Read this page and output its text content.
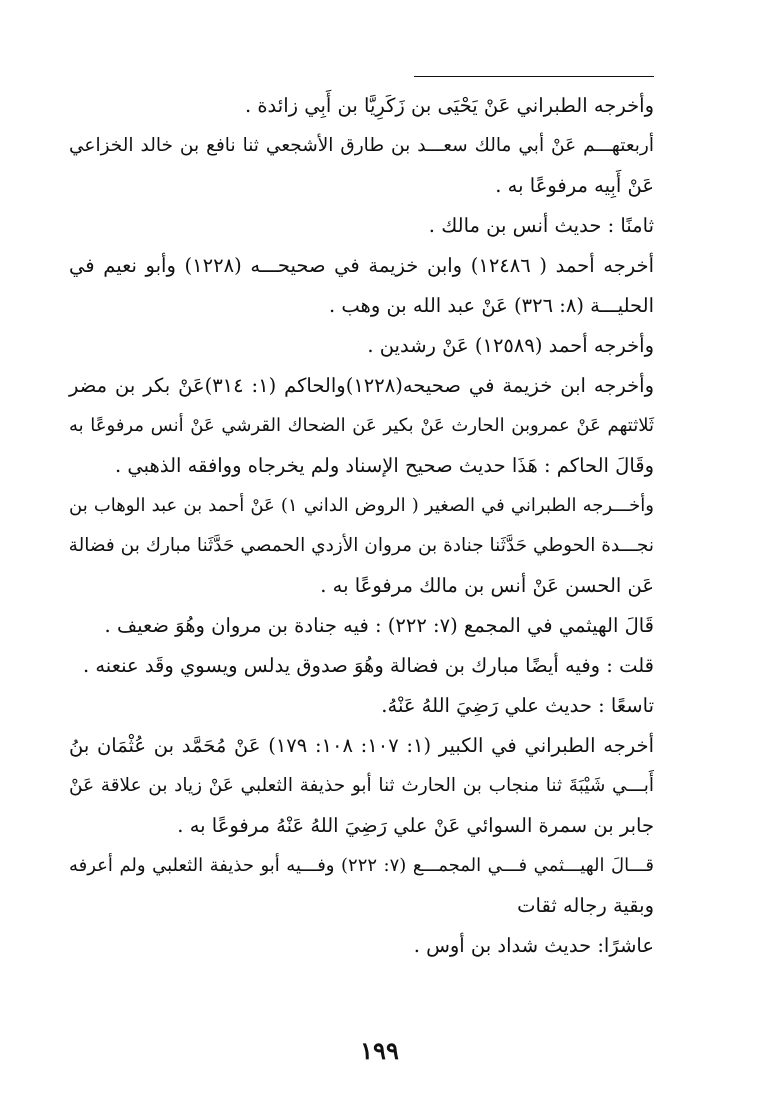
وأخرجه الطبراني عَنْ يَحْيَى بن زَكَرِيَّا بن أَبِي زائدة .
أربعتهـــم عَنْ أبي مالك سعـــد بن طارق الأشجعي ثنا نافع بن خالد الخزاعي
عَنْ أَبِيه مرفوعًا به .
ثامنًا : حديث أنس بن مالك .
أخرجه أحمد ( ١٢٤٨٦) وابن خزيمة في صحيحـــه (١٢٢٨) وأبو نعيم في
الحليـــة (٨: ٣٢٦) عَنْ عبد الله بن وهب .
وأخرجه أحمد (١٢٥٨٩) عَنْ رشدين .
وأخرجه ابن خزيمة في صحيحه(١٢٢٨)والحاكم (١: ٣١٤)عَنْ بكر بن مضر
ثَلاثتهم عَنْ عمروبن الحارث عَنْ بكير عَن الضحاك القرشي عَنْ أنس مرفوعًا به
وقَالَ الحاكم : هَذَا حديث صحيح الإسناد ولم يخرجاه ووافقه الذهبي .
وأخـــرجه الطبراني في الصغير ( الروض الداني ١) عَنْ أحمد بن عبد الوهاب بن
نجـــدة الحوطي حَدَّثَنا جنادة بن مروان الأزدي الحمصي حَدَّثَنا مبارك بن فضالة
عَن الحسن عَنْ أنس بن مالك مرفوعًا به .
قَالَ الهيثمي في المجمع (٧: ٢٢٢) : فيه جنادة بن مروان وهُوَ ضعيف .
قلت : وفيه أيضًا مبارك بن فضالة وهُوَ صدوق يدلس ويسوي وقَد عنعنه .
تاسعًا : حديث علي رَضِيَ اللهُ عَنْهُ.
أخرجه الطبراني في الكبير (١: ١٠٧: ١٠٨: ١٧٩) عَنْ مُحَمَّد بن عُثْمَان بنُ
أَبـــي شَيْبَةَ ثنا منجاب بن الحارث ثنا أبو حذيفة الثعلبي عَنْ زياد بن علاقة عَنْ
جابر بن سمرة السوائي عَنْ علي رَضِيَ اللهُ عَنْهُ مرفوعًا به .
قـــالَ الهيـــثمي فـــي المجمـــع (٧: ٢٢٢) وفـــيه أبو حذيفة الثعلبي ولم أعرفه
وبقية رجاله ثقات
عاشرًا: حديث شداد بن أوس .
١٩٩
